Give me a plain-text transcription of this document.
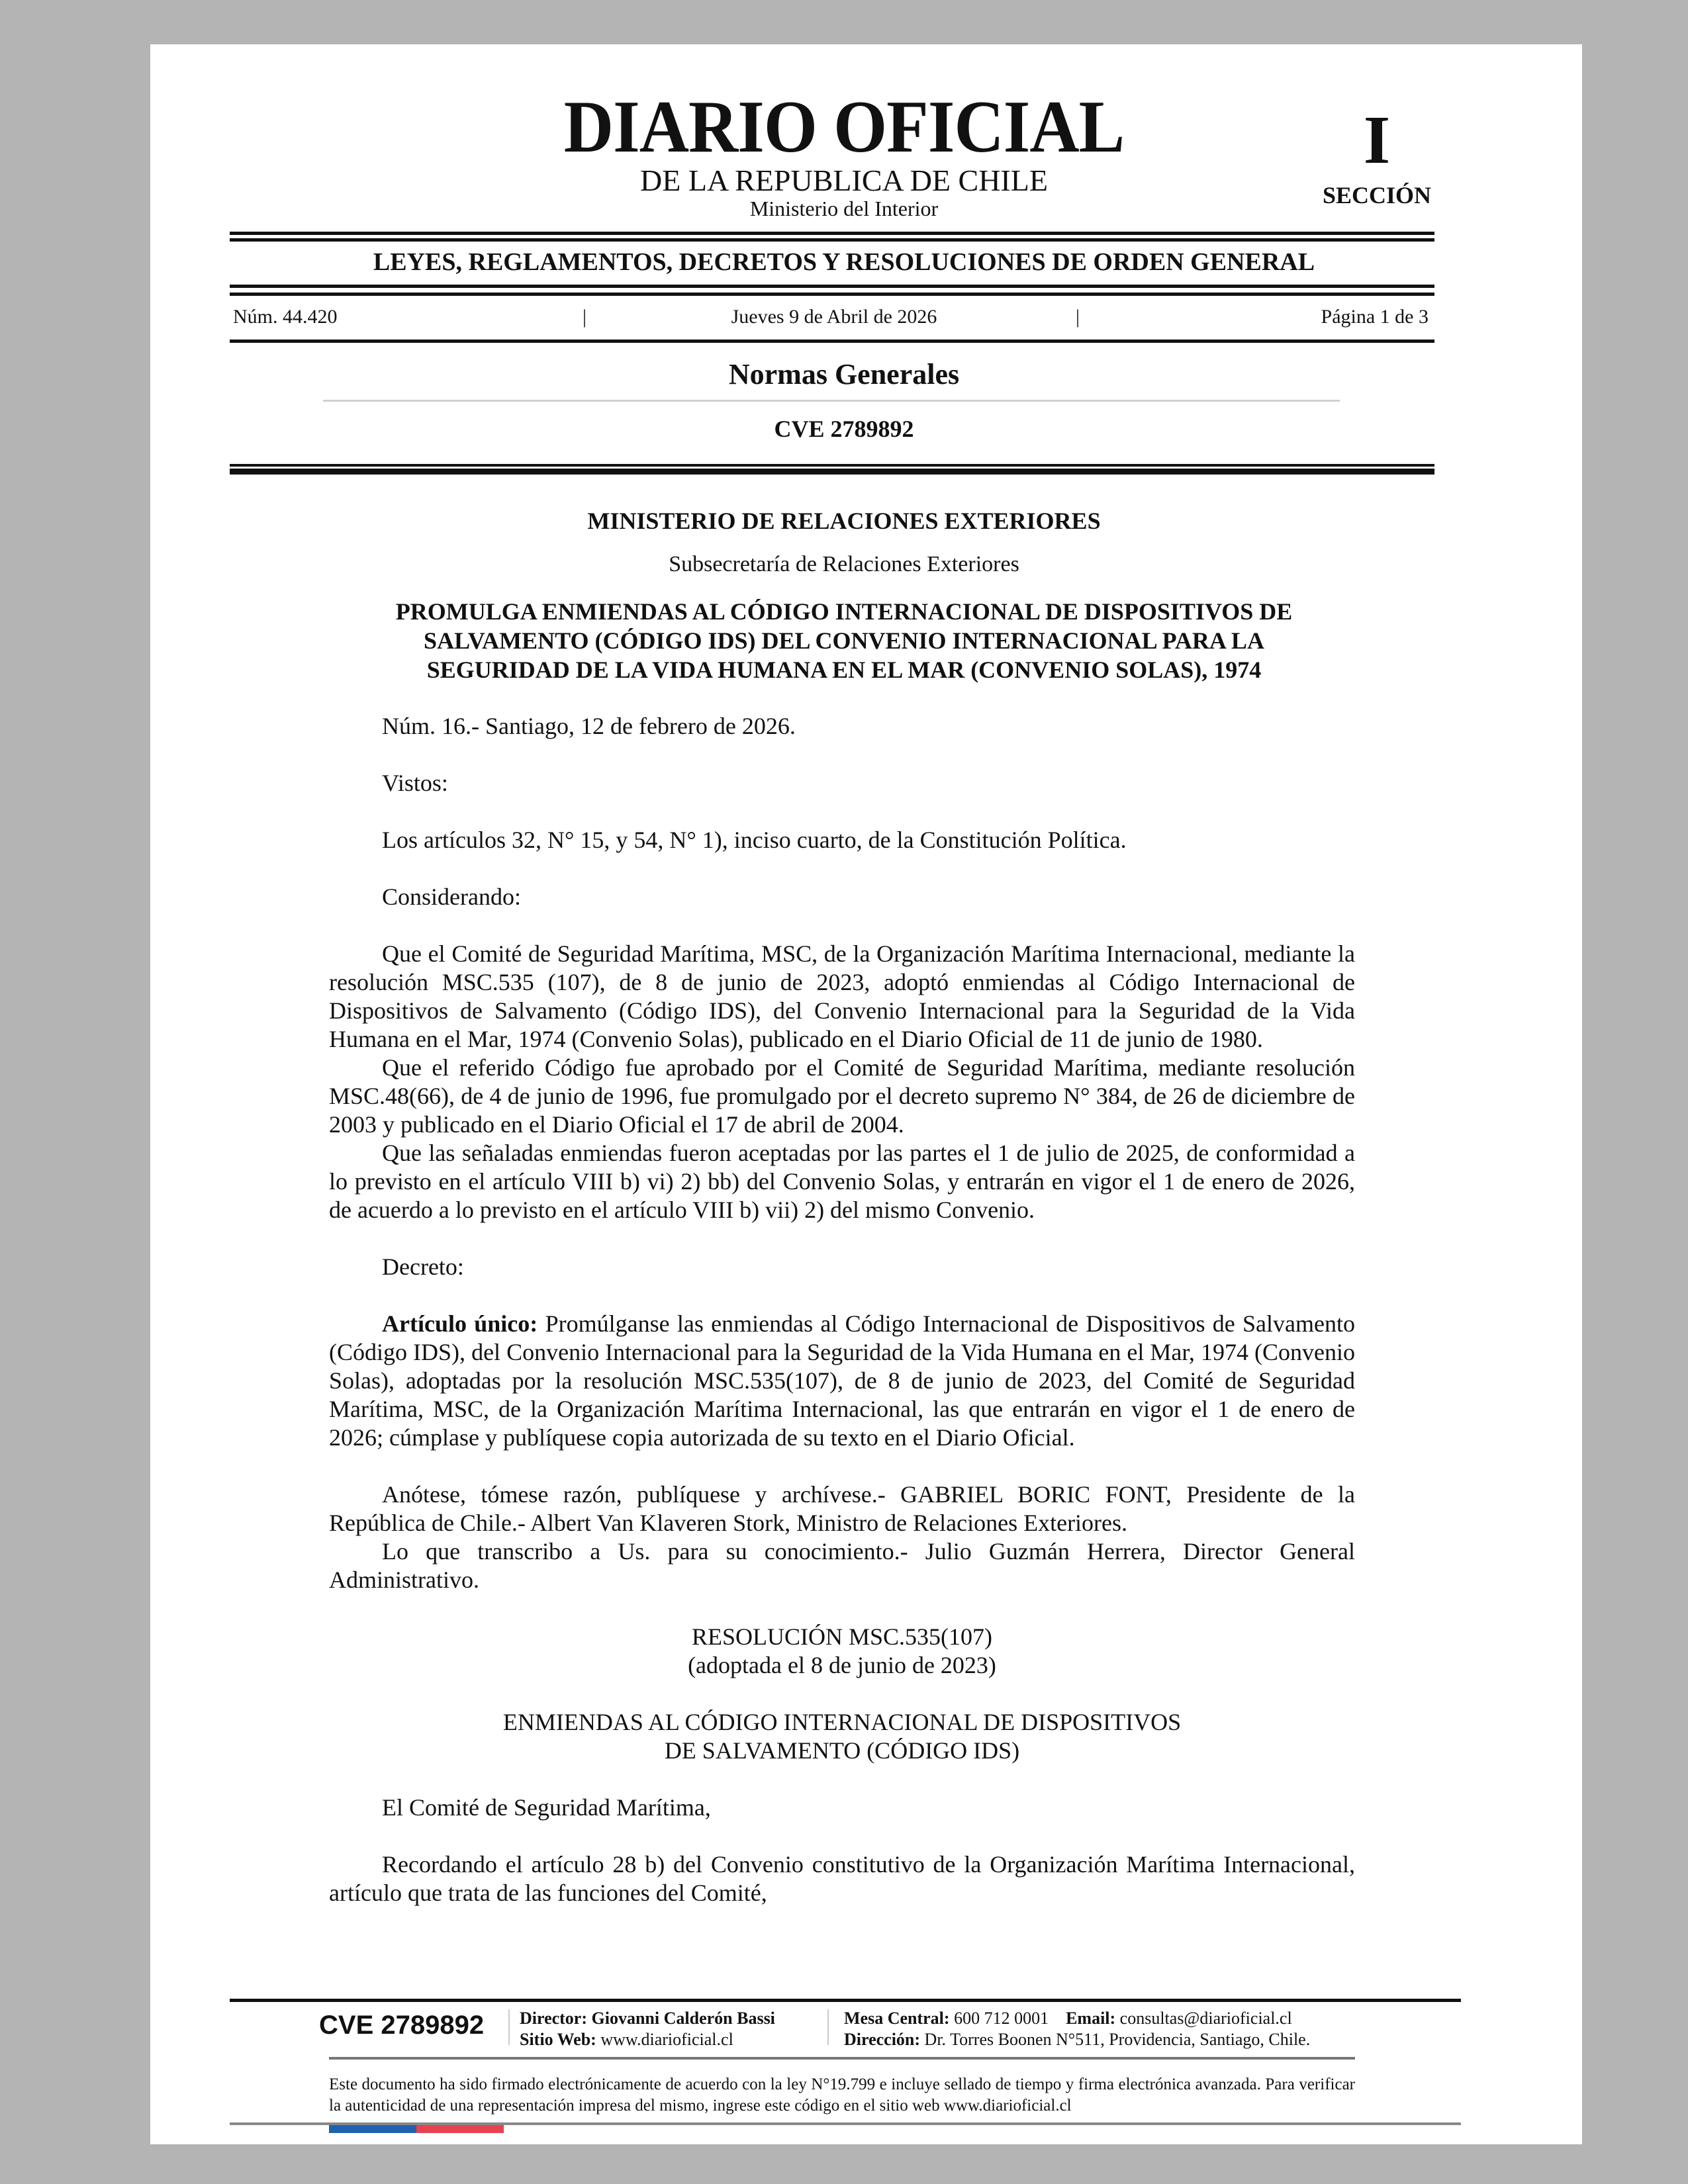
DIARIO OFICIAL
DE LA REPUBLICA DE CHILE
Ministerio del Interior
I
SECCIÓN
LEYES, REGLAMENTOS, DECRETOS Y RESOLUCIONES DE ORDEN GENERAL
Núm. 44.420	|	Jueves 9 de Abril de 2026	|	Página 1 de 3
Normas Generales
CVE 2789892
MINISTERIO DE RELACIONES EXTERIORES
Subsecretaría de Relaciones Exteriores
PROMULGA ENMIENDAS AL CÓDIGO INTERNACIONAL DE DISPOSITIVOS DE
SALVAMENTO (CÓDIGO IDS) DEL CONVENIO INTERNACIONAL PARA LA
SEGURIDAD DE LA VIDA HUMANA EN EL MAR (CONVENIO SOLAS), 1974

Núm. 16.- Santiago, 12 de febrero de 2026.

Vistos:

Los artículos 32, N° 15, y 54, N° 1), inciso cuarto, de la Constitución Política.

Considerando:

Que el Comité de Seguridad Marítima, MSC, de la Organización Marítima Internacional, mediante la resolución MSC.535 (107), de 8 de junio de 2023, adoptó enmiendas al Código Internacional de Dispositivos de Salvamento (Código IDS), del Convenio Internacional para la Seguridad de la Vida Humana en el Mar, 1974 (Convenio Solas), publicado en el Diario Oficial de 11 de junio de 1980.

Que el referido Código fue aprobado por el Comité de Seguridad Marítima, mediante resolución MSC.48(66), de 4 de junio de 1996, fue promulgado por el decreto supremo N° 384, de 26 de diciembre de 2003 y publicado en el Diario Oficial el 17 de abril de 2004.

Que las señaladas enmiendas fueron aceptadas por las partes el 1 de julio de 2025, de conformidad a lo previsto en el artículo VIII b) vi) 2) bb) del Convenio Solas, y entrarán en vigor el 1 de enero de 2026, de acuerdo a lo previsto en el artículo VIII b) vii) 2) del mismo Convenio.

Decreto:

Artículo único: Promúlganse las enmiendas al Código Internacional de Dispositivos de Salvamento (Código IDS), del Convenio Internacional para la Seguridad de la Vida Humana en el Mar, 1974 (Convenio Solas), adoptadas por la resolución MSC.535(107), de 8 de junio de 2023, del Comité de Seguridad Marítima, MSC, de la Organización Marítima Internacional, las que entrarán en vigor el 1 de enero de 2026; cúmplase y publíquese copia autorizada de su texto en el Diario Oficial.

Anótese, tómese razón, publíquese y archívese.- GABRIEL BORIC FONT, Presidente de la República de Chile.- Albert Van Klaveren Stork, Ministro de Relaciones Exteriores.

Lo que transcribo a Us. para su conocimiento.- Julio Guzmán Herrera, Director General Administrativo.

RESOLUCIÓN MSC.535(107)

(adoptada el 8 de junio de 2023)

ENMIENDAS AL CÓDIGO INTERNACIONAL DE DISPOSITIVOS

DE SALVAMENTO (CÓDIGO IDS)

El Comité de Seguridad Marítima,

Recordando el artículo 28 b) del Convenio constitutivo de la Organización Marítima Internacional, artículo que trata de las funciones del Comité,

CVE 2789892 Director: Giovanni Calderón Bassi
Sitio Web: www.diarioficial.cl
Mesa Central: 600 712 0001 Email: consultas@diarioficial.cl
Dirección: Dr. Torres Boonen N°511, Providencia, Santiago, Chile.
Este documento ha sido firmado electrónicamente de acuerdo con la ley N°19.799 e incluye sellado de tiempo y firma electrónica avanzada. Para verificar la autenticidad de una representación impresa del mismo, ingrese este código en el sitio web www.diarioficial.cl
